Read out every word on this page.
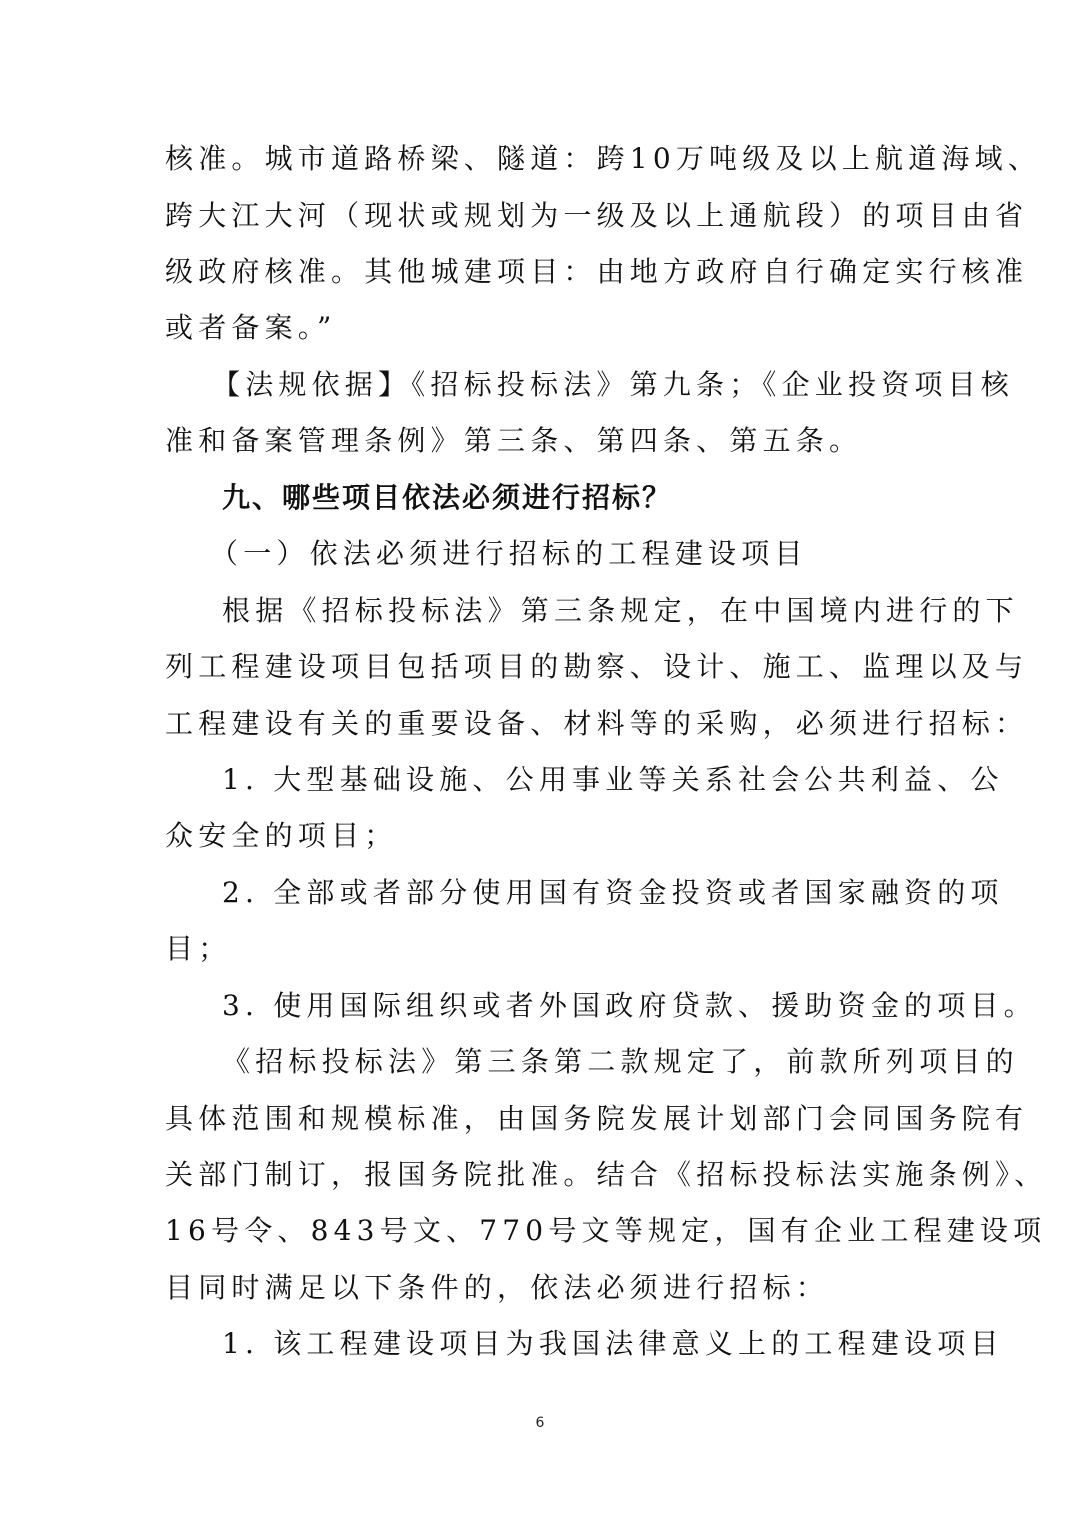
核准。城市道路桥梁、隧道：跨10万吨级及以上航道海域、
跨大江大河（现状或规划为一级及以上通航段）的项目由省
级政府核准。其他城建项目：由地方政府自行确定实行核准
或者备案。”
【法规依据】《招标投标法》第九条；《企业投资项目核
准和备案管理条例》第三条、第四条、第五条。
九、哪些项目依法必须进行招标？
（一）依法必须进行招标的工程建设项目
根据《招标投标法》第三条规定，在中国境内进行的下
列工程建设项目包括项目的勘察、设计、施工、监理以及与
工程建设有关的重要设备、材料等的采购，必须进行招标：
1. 大型基础设施、公用事业等关系社会公共利益、公
众安全的项目；
2. 全部或者部分使用国有资金投资或者国家融资的项
目；
3. 使用国际组织或者外国政府贷款、援助资金的项目。
《招标投标法》第三条第二款规定了，前款所列项目的
具体范围和规模标准，由国务院发展计划部门会同国务院有
关部门制订，报国务院批准。结合《招标投标法实施条例》、
16号令、843号文、770号文等规定，国有企业工程建设项
目同时满足以下条件的，依法必须进行招标：
1. 该工程建设项目为我国法律意义上的工程建设项目
6
